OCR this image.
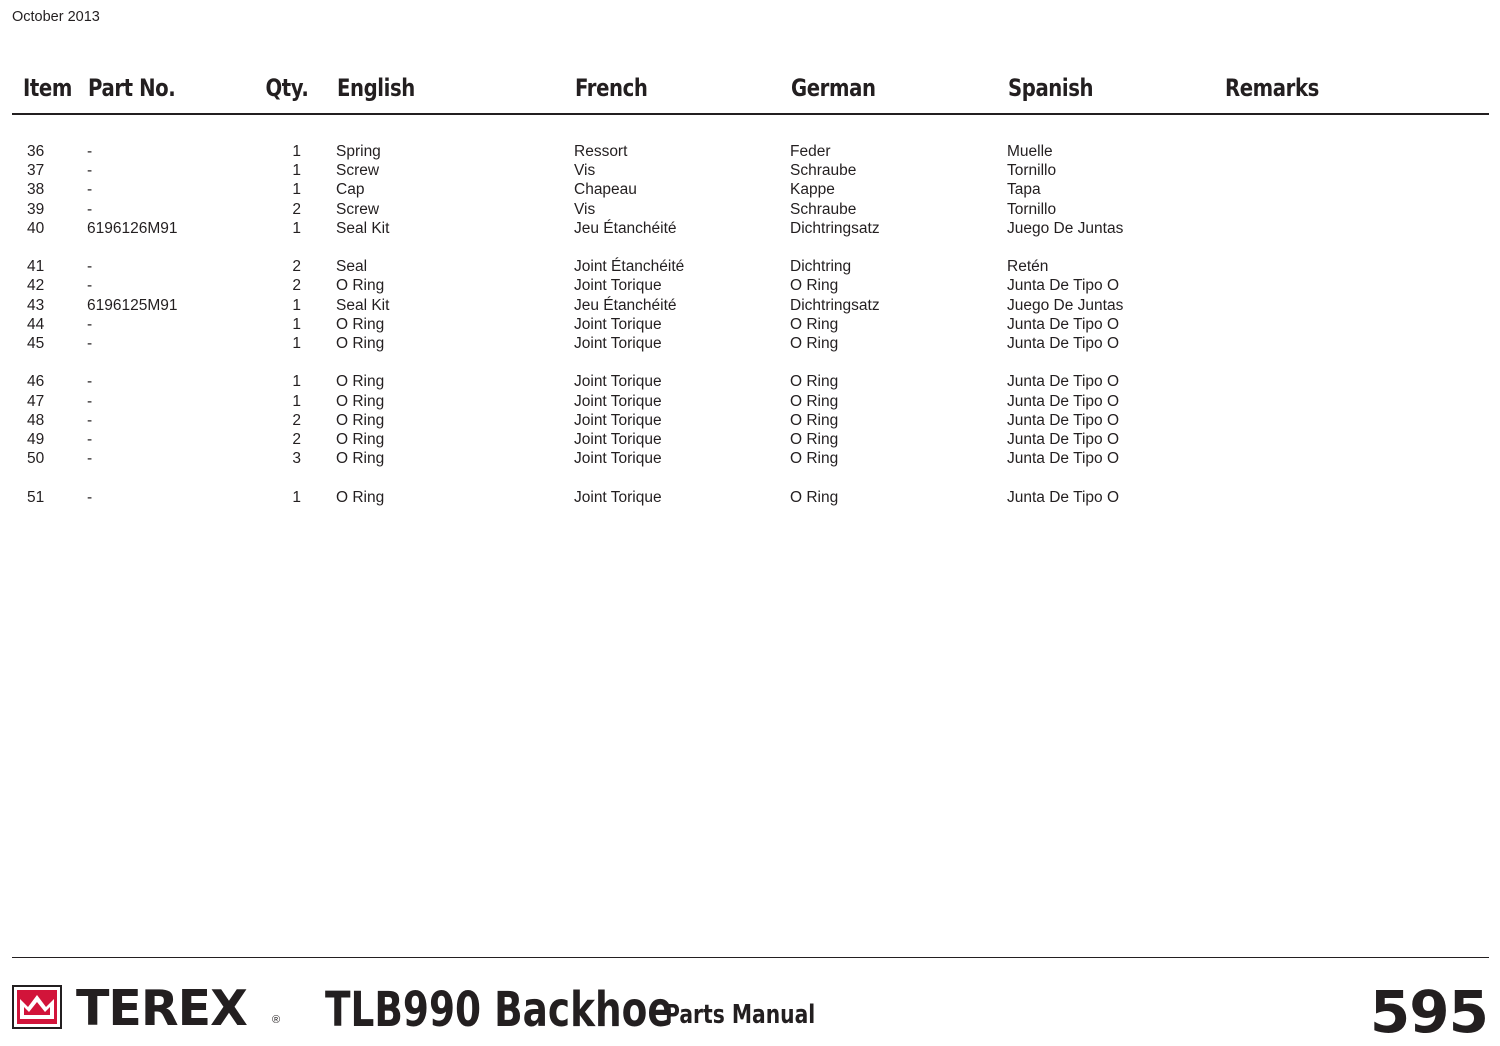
October 2013
Item Part No.	Qty. English	French	German	Spanish	Remarks
36	-	1 Spring	Ressort	Feder	Muelle
37	-	1 Screw	Vis	Schraube	Tornillo
38	-	1 Cap	Chapeau	Kappe	Tapa
39	-	2 Screw	Vis	Schraube	Tornillo
40	6196126M91	1 Seal Kit	Jeu Étanchéité	Dichtringsatz	Juego De Juntas
41	-	2 Seal	Joint Étanchéité	Dichtring	Retén
42	-	2 O Ring	Joint Torique	O Ring	Junta De Tipo O
43	6196125M91	1 Seal Kit	Jeu Étanchéité	Dichtringsatz	Juego De Juntas
44	-	1 O Ring	Joint Torique	O Ring	Junta De Tipo O
45	-	1 O Ring	Joint Torique	O Ring	Junta De Tipo O
46	-	1 O Ring	Joint Torique	O Ring	Junta De Tipo O
47	-	1 O Ring	Joint Torique	O Ring	Junta De Tipo O
48	-	2 O Ring	Joint Torique	O Ring	Junta De Tipo O
49	-	2 O Ring	Joint Torique	O Ring	Junta De Tipo O
50	-	3 O Ring	Joint Torique	O Ring	Junta De Tipo O
51	-	1 O Ring	Joint Torique	O Ring	Junta De Tipo O
TEREX ® TLB990 Backhoe
Parts Manual	595
